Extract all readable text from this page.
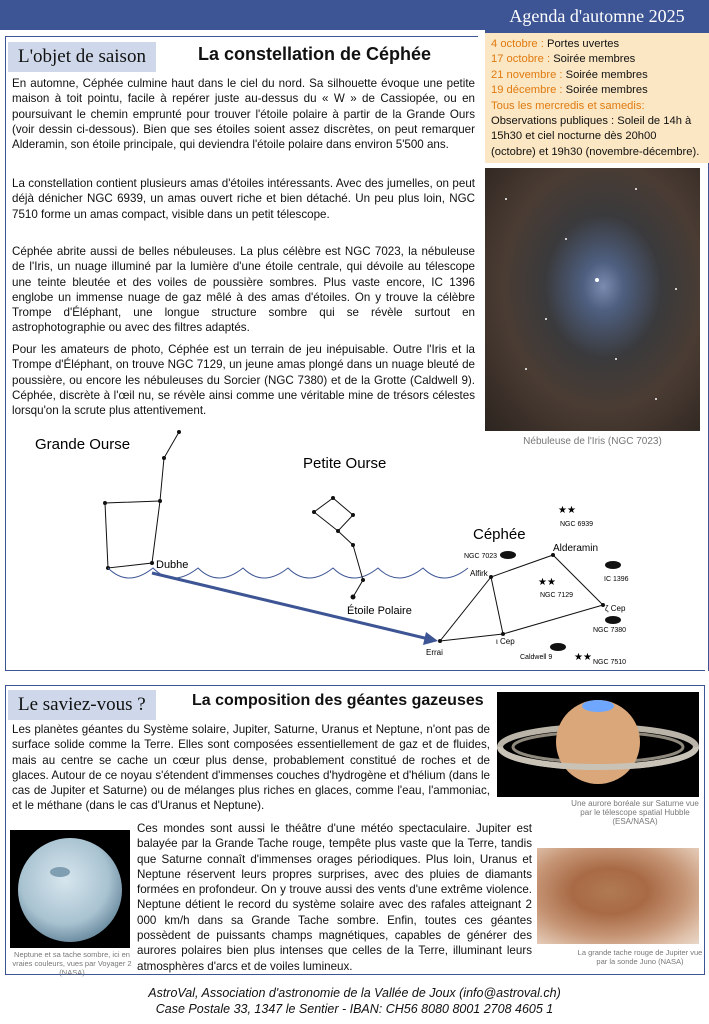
Agenda d'automne 2025
4 octobre : Portes uvertes
17 octobre : Soirée membres
21 novembre : Soirée membres
19 décembre : Soirée membres
Tous les mercredis et samedis:
Observations publiques : Soleil de 14h à 15h30 et ciel nocturne dès 20h00 (octobre) et 19h30 (novembre-décembre).
L'objet de saison	La constellation de Céphée
En automne, Céphée culmine haut dans le ciel du nord. Sa silhouette évoque une petite maison à toit pointu, facile à repérer juste au-dessus du « W » de Cassiopée, ou en poursuivant le chemin emprunté pour trouver l'étoile polaire à partir de la Grande Ours (voir dessin ci-dessous). Bien que ses étoiles soient assez discrètes, on peut remarquer Alderamin, son étoile principale, qui deviendra l'étoile polaire dans environ 5'500 ans.
La constellation contient plusieurs amas d'étoiles intéressants. Avec des jumelles, on peut déjà dénicher NGC 6939, un amas ouvert riche et bien détaché. Un peu plus loin, NGC 7510 forme un amas compact, visible dans un petit télescope.
Céphée abrite aussi de belles nébuleuses. La plus célèbre est NGC 7023, la nébuleuse de l'Iris, un nuage illuminé par la lumière d'une étoile centrale, qui dévoile au télescope une teinte bleutée et des voiles de poussière sombres. Plus vaste encore, IC 1396 englobe un immense nuage de gaz mêlé à des amas d'étoiles. On y trouve la célèbre Trompe d'Éléphant, une longue structure sombre qui se révèle surtout en astrophotographie ou avec des filtres adaptés.
Pour les amateurs de photo, Céphée est un terrain de jeu inépuisable. Outre l'Iris et la Trompe d'Éléphant, on trouve NGC 7129, un jeune amas plongé dans un nuage bleuté de poussière, ou encore les nébuleuses du Sorcier (NGC 7380) et de la Grotte (Caldwell 9). Céphée, discrète à l'œil nu, se révèle ainsi comme une véritable mine de trésors célestes lorsqu'on la scrute plus attentivement.
Nébuleuse de l'Iris (NGC 7023)
Grande Ourse
Dubhe
Petite Ourse
Étoile Polaire
Céphée
Errai
Alfirk
Alderamin
ι Cep
ζ Cep
★★
NGC 6939
NGC 7023
IC 1396
★★
NGC 7129
NGC 7380
Caldwell 9 ★★ NGC 7510
Le saviez-vous ?	La composition des géantes gazeuses
Les planètes géantes du Système solaire, Jupiter, Saturne, Uranus et Neptune, n'ont pas de surface solide comme la Terre. Elles sont composées essentiellement de gaz et de fluides, mais au centre se cache un cœur plus dense, probablement constitué de roches et de glaces. Autour de ce noyau s'étendent d'immenses couches d'hydrogène et d'hélium (dans le cas de Jupiter et Saturne) ou de mélanges plus riches en glaces, comme l'eau, l'ammoniac, et le méthane (dans le cas d'Uranus et Neptune).	Une aurore boréale sur Saturne vue par le télescope spatial Hubble (ESA/NASA)
Ces mondes sont aussi le théâtre d'une météo spectaculaire. Jupiter est balayée par la Grande Tache rouge, tempête plus vaste que la Terre, tandis que Saturne connaît d'immenses orages périodiques. Plus loin, Uranus et Neptune réservent leurs propres surprises, avec des pluies de diamants formées en profondeur. On y trouve aussi des vents d'une extrême violence. Neptune détient le record du système solaire avec des rafales atteignant 2 000 km/h dans sa Grande Tache sombre. Enfin, toutes ces géantes possèdent de puissants champs magnétiques, capables de générer des aurores polaires bien plus intenses que celles de la Terre, illuminant leurs atmosphères d'arcs et de voiles lumineux.
Neptune et sa tache sombre, ici en vraies couleurs, vues par Voyager 2 (NASA)
La grande tache rouge de Jupiter vue par la sonde Juno (NASA)
AstroVal, Association d'astronomie de la Vallée de Joux (info@astroval.ch)
Case Postale 33, 1347 le Sentier - IBAN: CH56 8080 8001 2708 4605 1
